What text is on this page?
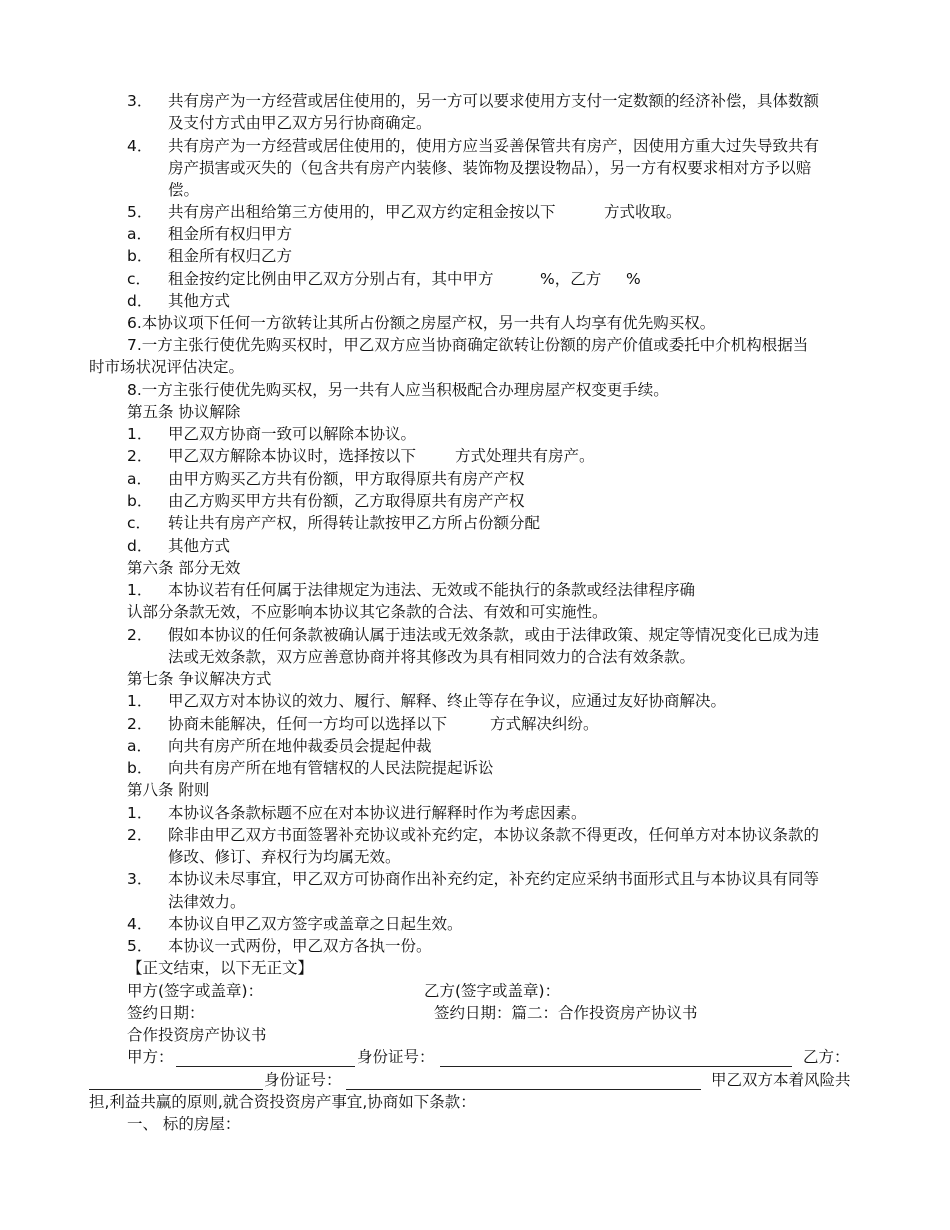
3． 共有房产为一方经营或居住使用的，另一方可以要求使用方支付一定数额的经济补偿，具体数额
及支付方式由甲乙双方另行协商确定。
4． 共有房产为一方经营或居住使用的，使用方应当妥善保管共有房产，因使用方重大过失导致共有
房产损害或灭失的（包含共有房产内装修、装饰物及摆设物品），另一方有权要求相对方予以赔
偿。
5． 共有房产出租给第三方使用的，甲乙双方约定租金按以下	方式收取。
a． 租金所有权归甲方
b． 租金所有权归乙方
c． 租金按约定比例由甲乙双方分别占有，其中甲方	%，乙方 %
d． 其他方式
6.本协议项下任何一方欲转让其所占份额之房屋产权，另一共有人均享有优先购买权。
7.一方主张行使优先购买权时，甲乙双方应当协商确定欲转让份额的房产价值或委托中介机构根据当
时市场状况评估决定。
8.一方主张行使优先购买权，另一共有人应当积极配合办理房屋产权变更手续。
第五条 协议解除
1． 甲乙双方协商一致可以解除本协议。
2． 甲乙双方解除本协议时，选择按以下	方式处理共有房产。
a． 由甲方购买乙方共有份额，甲方取得原共有房产产权
b． 由乙方购买甲方共有份额，乙方取得原共有房产产权
c． 转让共有房产产权，所得转让款按甲乙方所占份额分配
d． 其他方式
第六条 部分无效
1． 本协议若有任何属于法律规定为违法、无效或不能执行的条款或经法律程序确
认部分条款无效，不应影响本协议其它条款的合法、有效和可实施性。
2． 假如本协议的任何条款被确认属于违法或无效条款，或由于法律政策、规定等情况变化已成为违
法或无效条款，双方应善意协商并将其修改为具有相同效力的合法有效条款。
第七条 争议解决方式
1． 甲乙双方对本协议的效力、履行、解释、终止等存在争议，应通过友好协商解决。
2． 协商未能解决，任何一方均可以选择以下	方式解决纠纷。
a． 向共有房产所在地仲裁委员会提起仲裁
b． 向共有房产所在地有管辖权的人民法院提起诉讼
第八条 附则
1． 本协议各条款标题不应在对本协议进行解释时作为考虑因素。
2． 除非由甲乙双方书面签署补充协议或补充约定，本协议条款不得更改，任何单方对本协议条款的
修改、修订、弃权行为均属无效。
3． 本协议未尽事宜，甲乙双方可协商作出补充约定，补充约定应采纳书面形式且与本协议具有同等
法律效力。
4． 本协议自甲乙双方签字或盖章之日起生效。
5． 本协议一式两份，甲乙双方各执一份。
【正文结束，以下无正文】
甲方(签字或盖章)：	乙方(签字或盖章)：
签约日期：	签约日期：篇二：合作投资房产协议书
合作投资房产协议书
甲方：	身份证号：	乙方：
身份证号：	甲乙双方本着风险共
担,利益共赢的原则,就合资投资房产事宜,协商如下条款：
一、 标的房屋：
